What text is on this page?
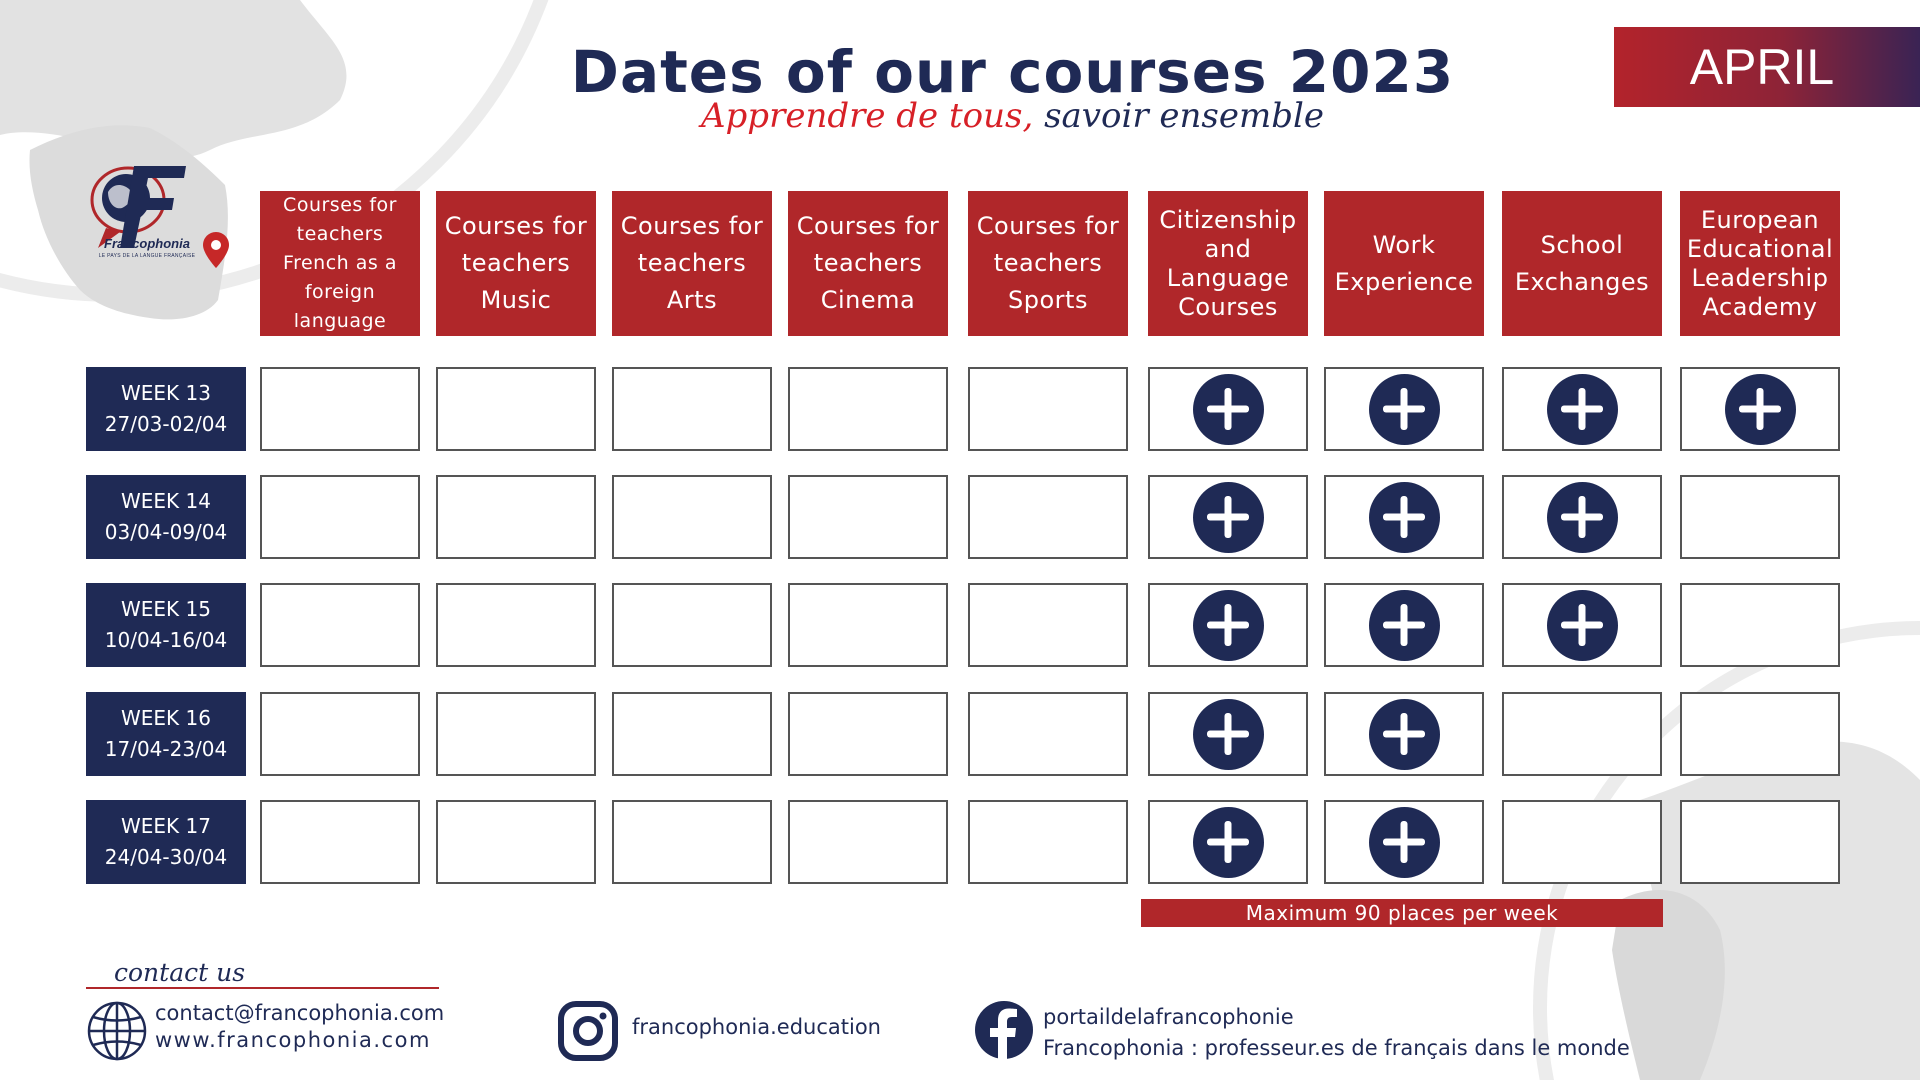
Dates of our courses 2023
Apprendre de tous, savoir ensemble
APRIL
Francophonia
LE PAYS DE LA LANGUE FRANÇAISE
Courses for teachers French as a foreign language
Courses for teachers Music
Courses for teachers Arts
Courses for teachers Cinema
Courses for teachers Sports
Citizenship and Language Courses
Work Experience
School Exchanges
European Educational Leadership Academy
WEEK 13
27/03-02/04
WEEK 14
03/04-09/04
WEEK 15
10/04-16/04
WEEK 16
17/04-23/04
WEEK 17
24/04-30/04
Maximum 90 places per week
contact us
contact@francophonia.com
www.francophonia.com
francophonia.education	portaildelafrancophonie
Francophonia : professeur.es de français dans le monde
